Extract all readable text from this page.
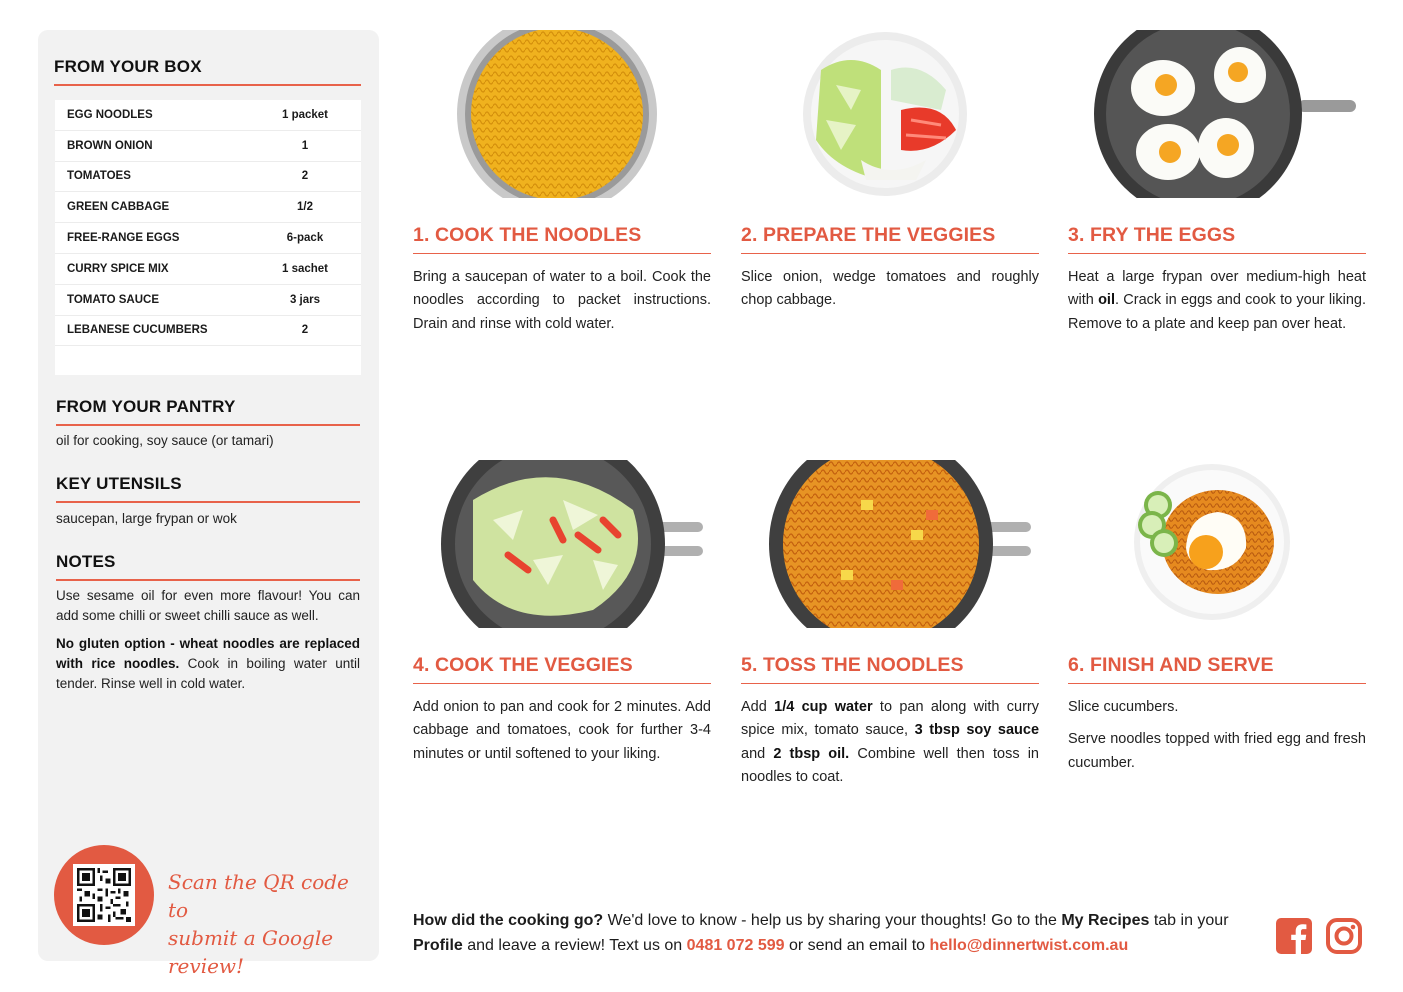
FROM YOUR BOX
EGG NOODLES	1 packet
BROWN ONION	1
TOMATOES	2
GREEN CABBAGE	1/2
FREE-RANGE EGGS	6-pack
CURRY SPICE MIX	1 sachet
TOMATO SAUCE	3 jars
LEBANESE CUCUMBERS	2
FROM YOUR PANTRY
oil for cooking, soy sauce (or tamari)
KEY UTENSILS
saucepan, large frypan or wok
NOTES

Use sesame oil for even more flavour! You can add some chilli or sweet chilli sauce as well.

No gluten option - wheat noodles are replaced with rice noodles. Cook in boiling water until tender. Rinse well in cold water.

Scan the QR code to
submit a Google review!
1. COOK THE NOODLES

Bring a saucepan of water to a boil. Cook the noodles according to packet instructions. Drain and rinse with cold water.

2. PREPARE THE VEGGIES

Slice onion, wedge tomatoes and roughly chop cabbage.

3. FRY THE EGGS

Heat a large frypan over medium-high heat with oil. Crack in eggs and cook to your liking. Remove to a plate and keep pan over heat.

4. COOK THE VEGGIES

Add onion to pan and cook for 2 minutes. Add cabbage and tomatoes, cook for further 3-4 minutes or until softened to your liking.

5. TOSS THE NOODLES

Add 1/4 cup water to pan along with curry spice mix, tomato sauce, 3 tbsp soy sauce and 2 tbsp oil. Combine well then toss in noodles to coat.

6. FINISH AND SERVE

Slice cucumbers.

Serve noodles topped with fried egg and fresh cucumber.

How did the cooking go? We'd love to know - help us by sharing your thoughts! Go to the My Recipes tab in your Profile and leave a review! Text us on 0481 072 599 or send an email to hello@dinnertwist.com.au
